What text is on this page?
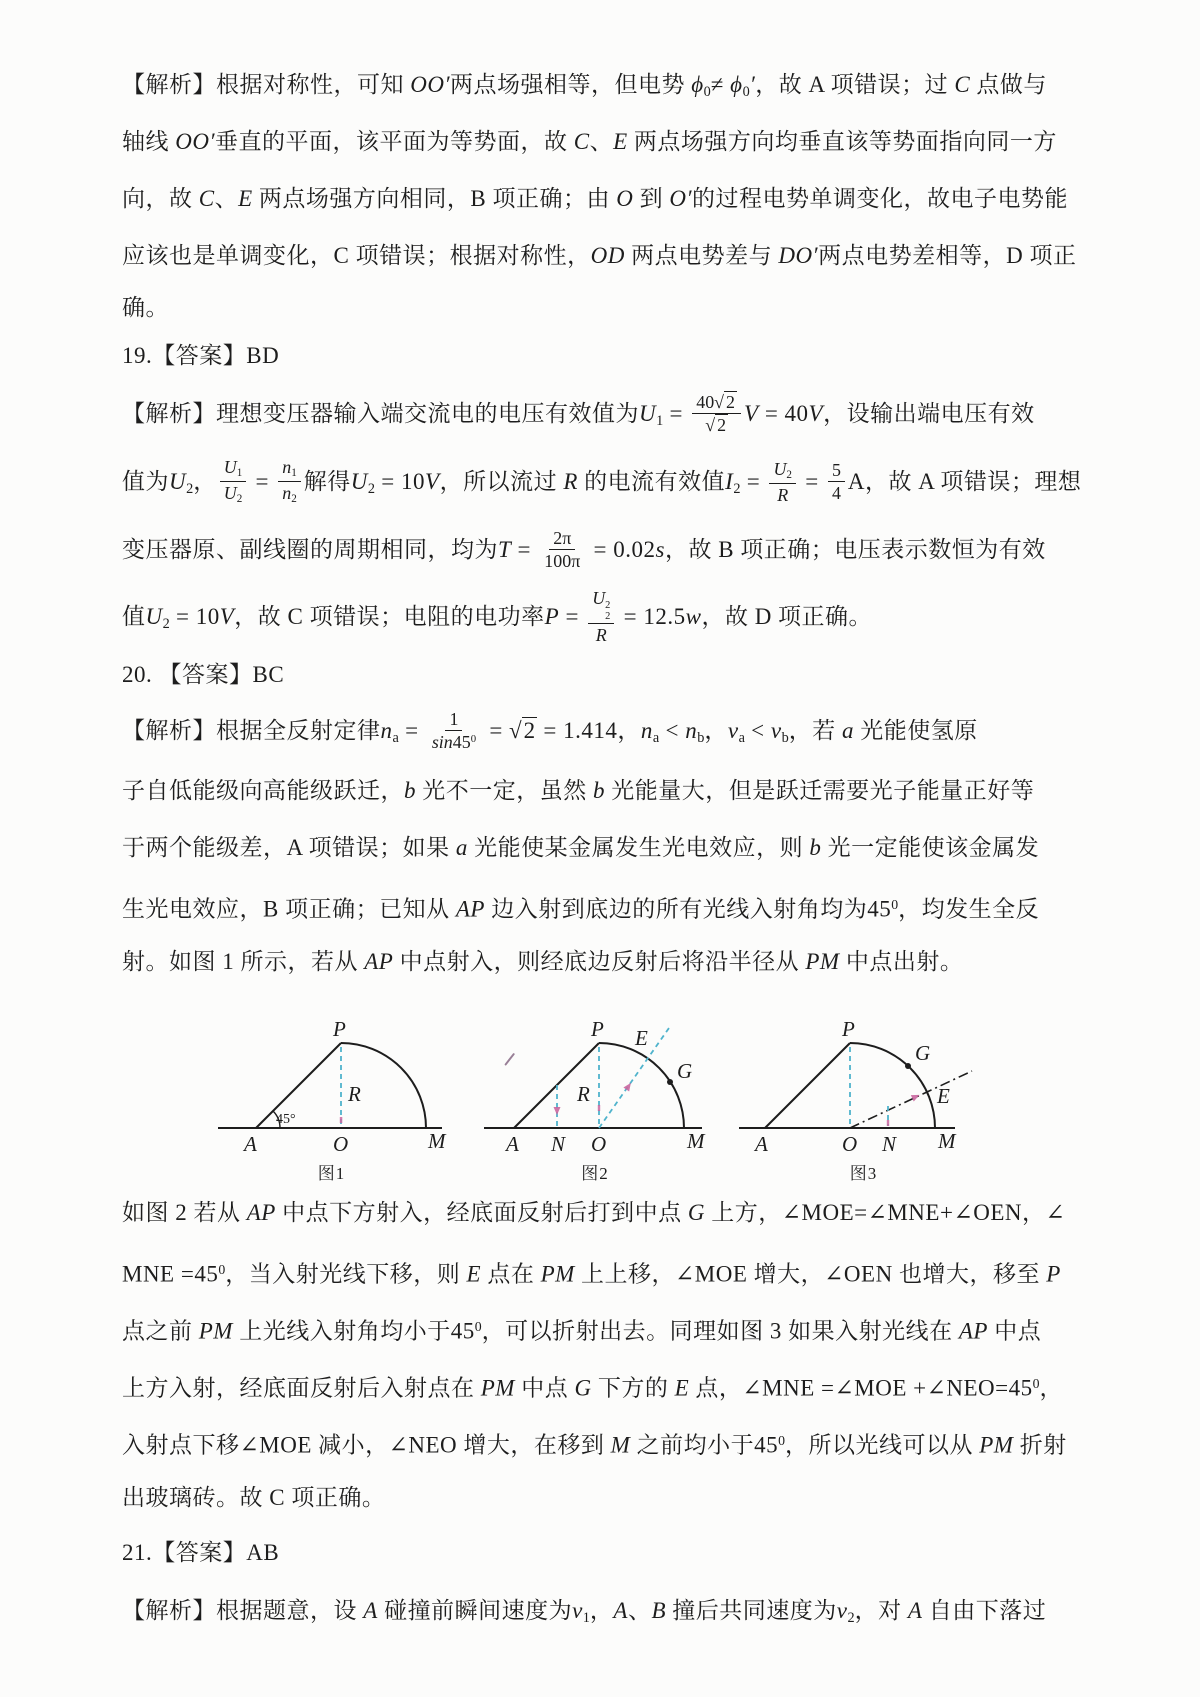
【解析】根据对称性，可知 OO′两点场强相等，但电势 $\phi_0\ne \phi_0'$，故 A 项错误；过 C 点做与
轴线 OO′垂直的平面，该平面为等势面，故 C、E 两点场强方向均垂直该等势面指向同一方
向，故 C、E 两点场强方向相同，B 项正确；由 O 到 O′的过程电势单调变化，故电子电势能
应该也是单调变化，C 项错误；根据对称性，OD 两点电势差与 DO′两点电势差相等，D 项正
确。
19.【答案】BD
【解析】理想变压器输入端交流电的电压有效值为$U_1 = \frac{40√ 2}{√ 2}$ V = 40V，设输出端电压有效
值为$U_2$， $\frac{U_1}{U_2} = \frac{n_1}{n_2}$ 解得$U_2 = 10V$，所以流过 R 的电流有效值$I_2 = \frac{U_2}{R} = \frac{5}{4}$ A，故 A 项错误；理想
变压器原、副线圈的周期相同，均为$T = \frac{2\pi}{100\pi} = 0.02s$，故 B 项正确；电压表示数恒为有效
值$U_2 = 10V$，故 C 项错误；电阻的电功率P = U 2
2
R = 12.5w，故 D 项正确。
20. 【答案】BC
【解析】根据全反射定律$n_a = \frac{1}{\sin 45^0} = √2 = 1.414$，$n_a < n_b$，$v_a < v_b$，若 a 光能使氢原
子自低能级向高能级跃迁，b 光不一定，虽然 b 光能量大，但是跃迁需要光子能量正好等
于两个能级差，A 项错误；如果 a 光能使某金属发生光电效应，则 b 光一定能使该金属发
生光电效应，B 项正确；已知从 AP 边入射到底边的所有光线入射角均为$45^0$，均发生全反
射。如图 1 所示，若从 AP 中点射入，则经底边反射后将沿半径从 PM 中点出射。
45°
P
R
A	O	M
图1
P E
G
R
A N O	M
图2
P
G
E
A	O N M
图3
如图 2 若从 AP 中点下方射入，经底面反射后打到中点 G 上方，∠MOE=∠MNE+∠OEN，∠
MNE $=45^0$，当入射光线下移，则 E 点在 PM 上上移，∠MOE 增大，∠OEN 也增大，移至 P
点之前 PM 上光线入射角均小于$45^0$，可以折射出去。同理如图 3 如果入射光线在 AP 中点
上方入射，经底面反射后入射点在 PM 中点 G 下方的 E 点，∠MNE =∠MOE $+\angle NEO=45^0$，
入射点下移∠MOE 减小，∠NEO 增大，在移到 M 之前均小于$45^0$，所以光线可以从 PM 折射
出玻璃砖。故 C 项正确。
21.【答案】AB
【解析】根据题意，设 A 碰撞前瞬间速度为$v_1$，A、B 撞后共同速度为$v_2$，对 A 自由下落过
